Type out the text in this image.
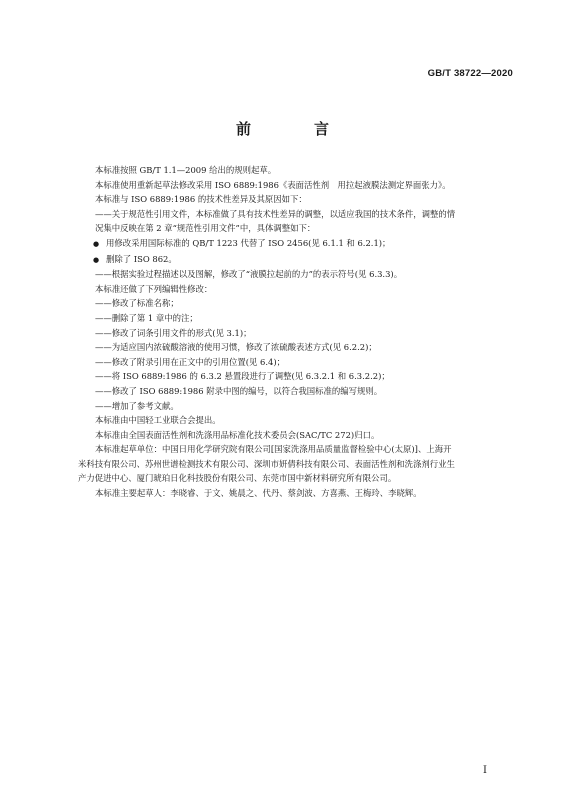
GB/T 38722—2020
前　言
本标准按照 GB/T 1.1—2009 给出的规则起草。
本标准使用重新起草法修改采用 ISO 6889:1986《表面活性剂　用拉起液膜法测定界面张力》。
本标准与 ISO 6889:1986 的技术性差异及其原因如下：
——关于规范性引用文件，本标准做了具有技术性差异的调整，以适应我国的技术条件，调整的情
况集中反映在第 2 章“规范性引用文件”中，具体调整如下：
● 用修改采用国际标准的 QB/T 1223 代替了 ISO 2456(见 6.1.1 和 6.2.1)；
● 删除了 ISO 862。
——根据实验过程描述以及图解，修改了“液膜拉起前的力”的表示符号(见 6.3.3)。
本标准还做了下列编辑性修改：
——修改了标准名称；
——删除了第 1 章中的注；
——修改了词条引用文件的形式(见 3.1)；
——为适应国内浓硫酸溶液的使用习惯，修改了浓硫酸表述方式(见 6.2.2)；
——修改了附录引用在正文中的引用位置(见 6.4)；
——将 ISO 6889:1986 的 6.3.2 悬置段进行了调整(见 6.3.2.1 和 6.3.2.2)；
——修改了 ISO 6889:1986 附录中图的编号，以符合我国标准的编写规则。
——增加了参考文献。
本标准由中国轻工业联合会提出。
本标准由全国表面活性剂和洗涤用品标准化技术委员会(SAC/TC 272)归口。
本标准起草单位：中国日用化学研究院有限公司[国家洗涤用品质量监督检验中心(太原)]、上海开
米科技有限公司、苏州世谱检测技术有限公司、深圳市妍倩科技有限公司、表面活性剂和洗涤剂行业生
产力促进中心、厦门琥珀日化科技股份有限公司、东莞市国中新材料研究所有限公司。
本标准主要起草人：李晓睿、于文、姚晨之、代丹、蔡剑波、方喜燕、王梅玲、李晓辉。
I
